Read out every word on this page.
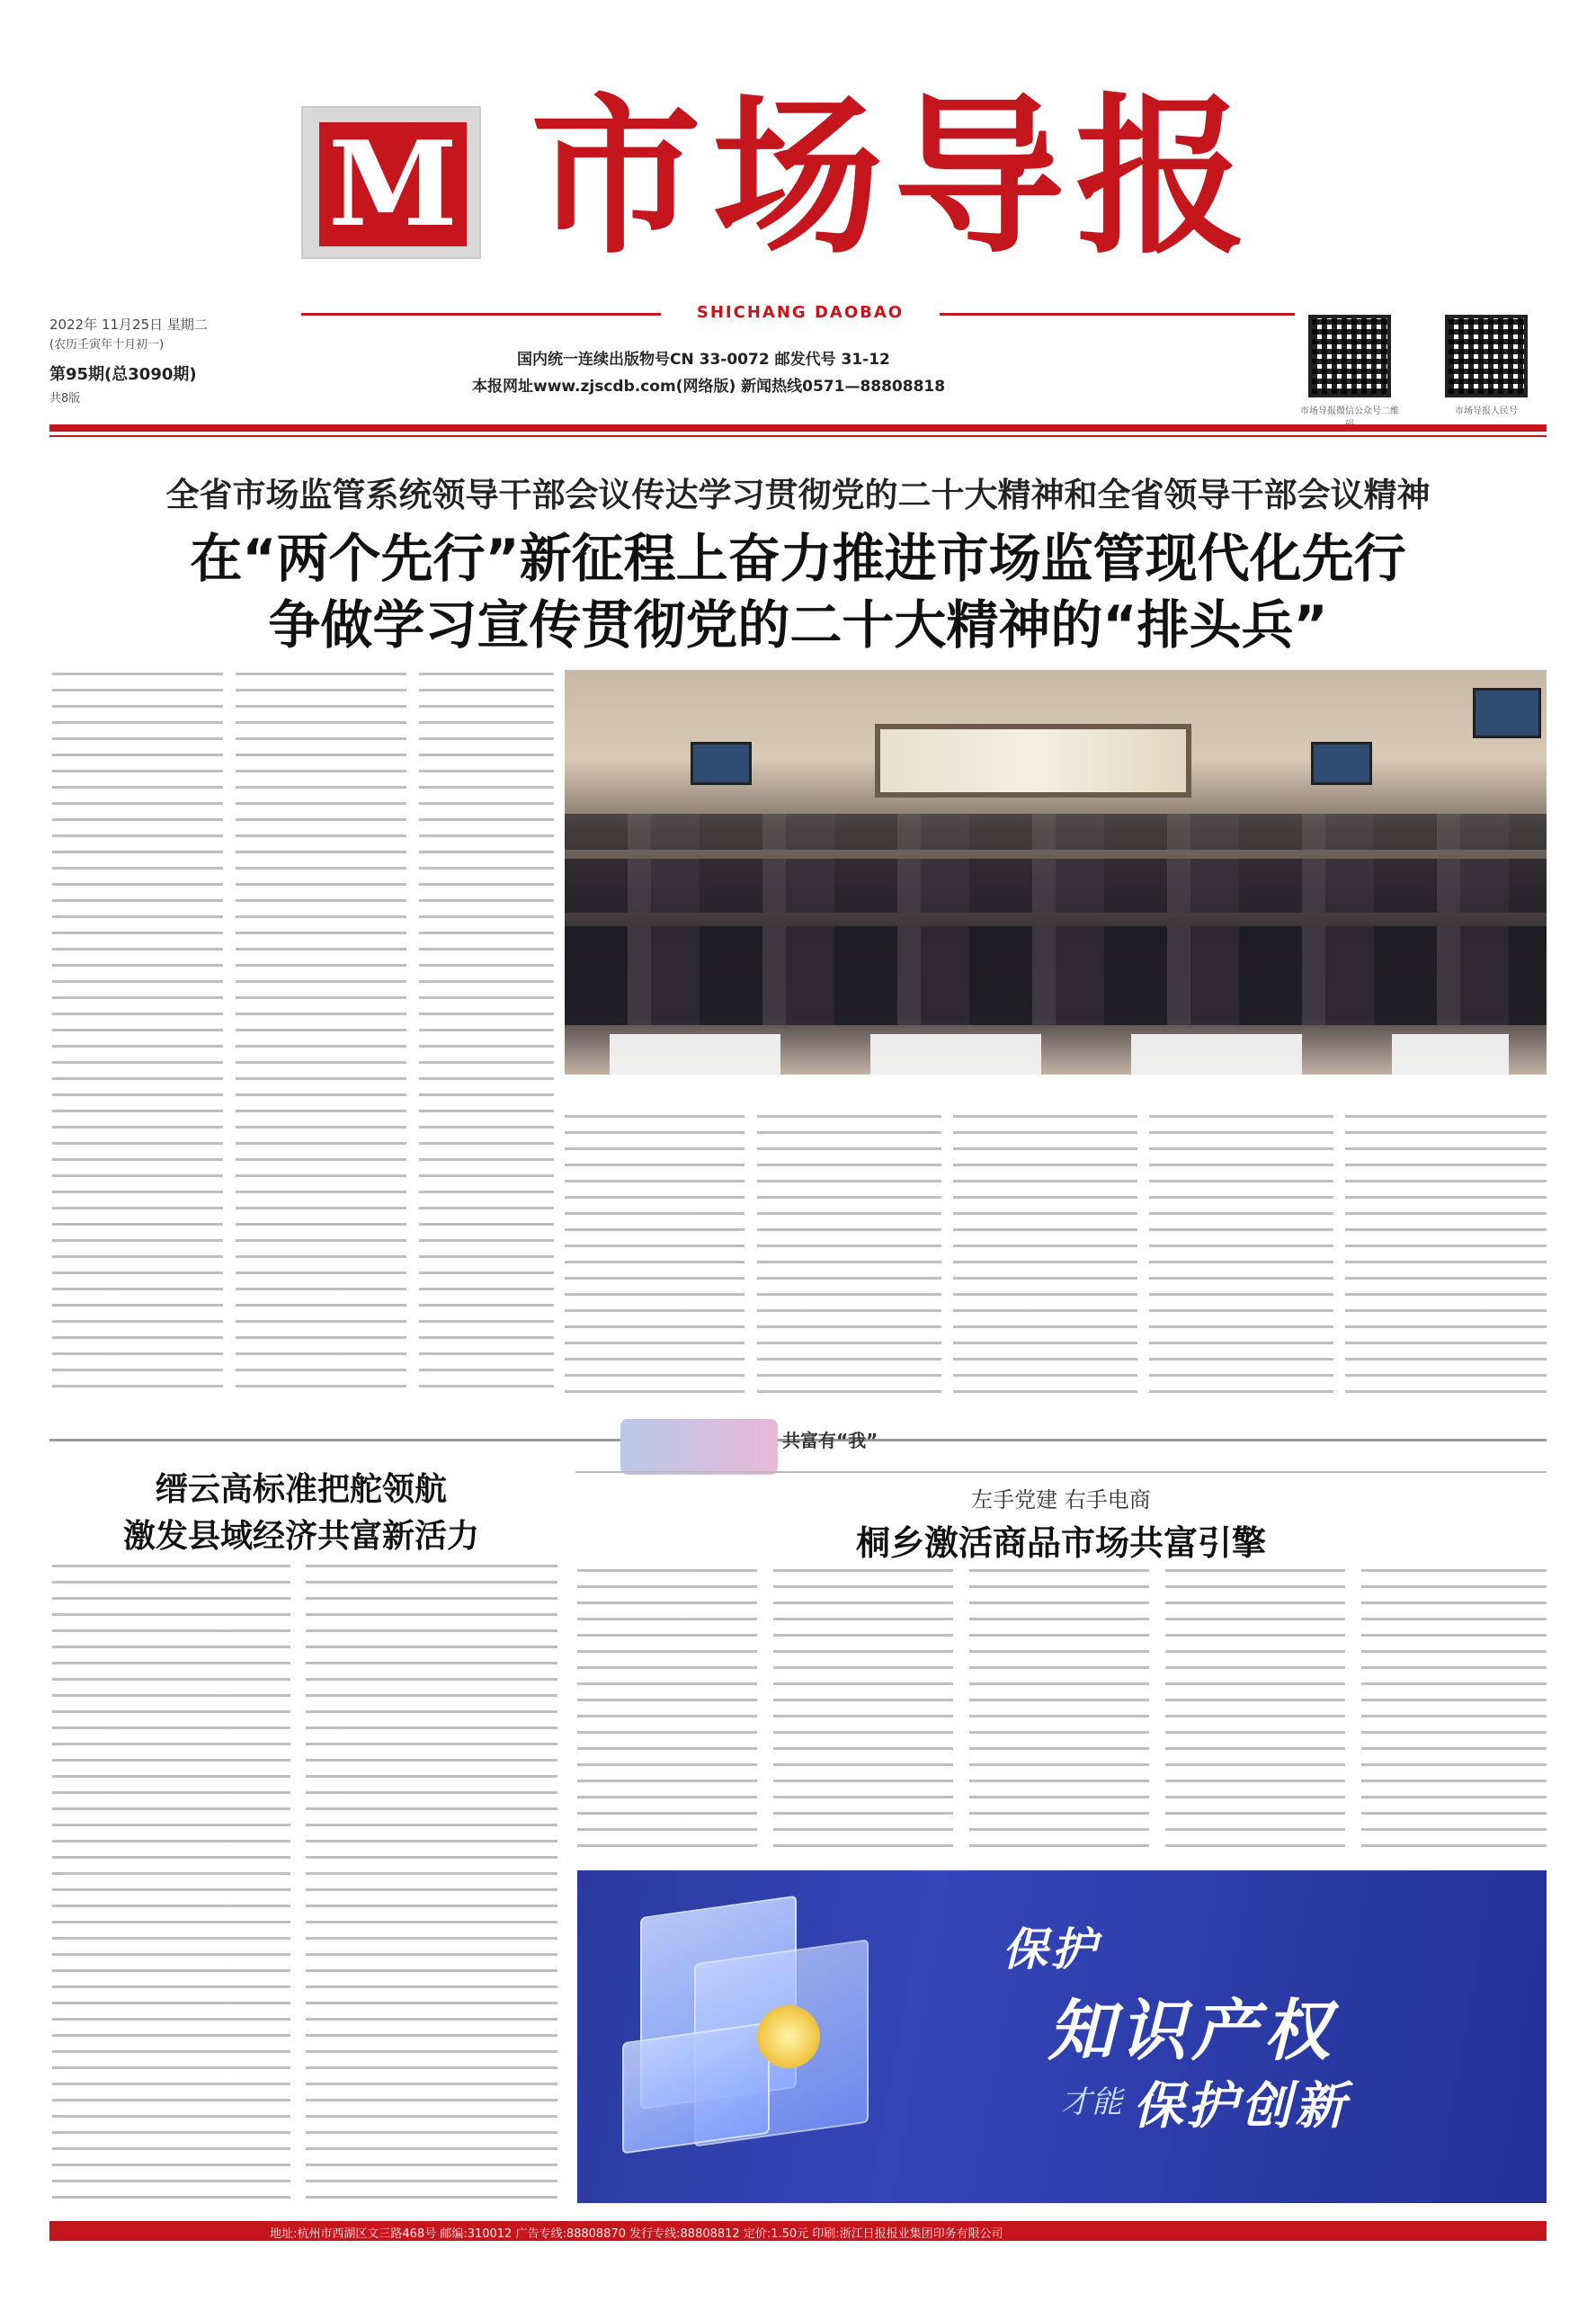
M 市场导报
SHICHANG DAOBAO
2022年 11月25日 星期二
(农历壬寅年十月初一)
第95期(总3090期)
共8版
国内统一连续出版物号CN 33-0072 邮发代号 31-12
本报网址www.zjscdb.com(网络版) 新闻热线0571—88808818
市场导报微信公众号二维	市场导报人民号
全省市场监管系统领导干部会议传达学习贯彻党的二十大精神和全省领导干部会议精神
在“两个先行”新征程上奋力推进市场监管现代化先行
争做学习宣传贯彻党的二十大精神的“排头兵”
共富有“我”
缙云高标准把舵领航
激发县域经济共富新活力
左手党建 右手电商
桐乡激活商品市场共富引擎
保护
知识产权
才能 保护创新
地址:杭州市西湖区文三路468号 邮编:310012 广告专线:88808870 发行专线:88808812 定价:1.50元 印刷:浙江日报报业集团印务有限公司
